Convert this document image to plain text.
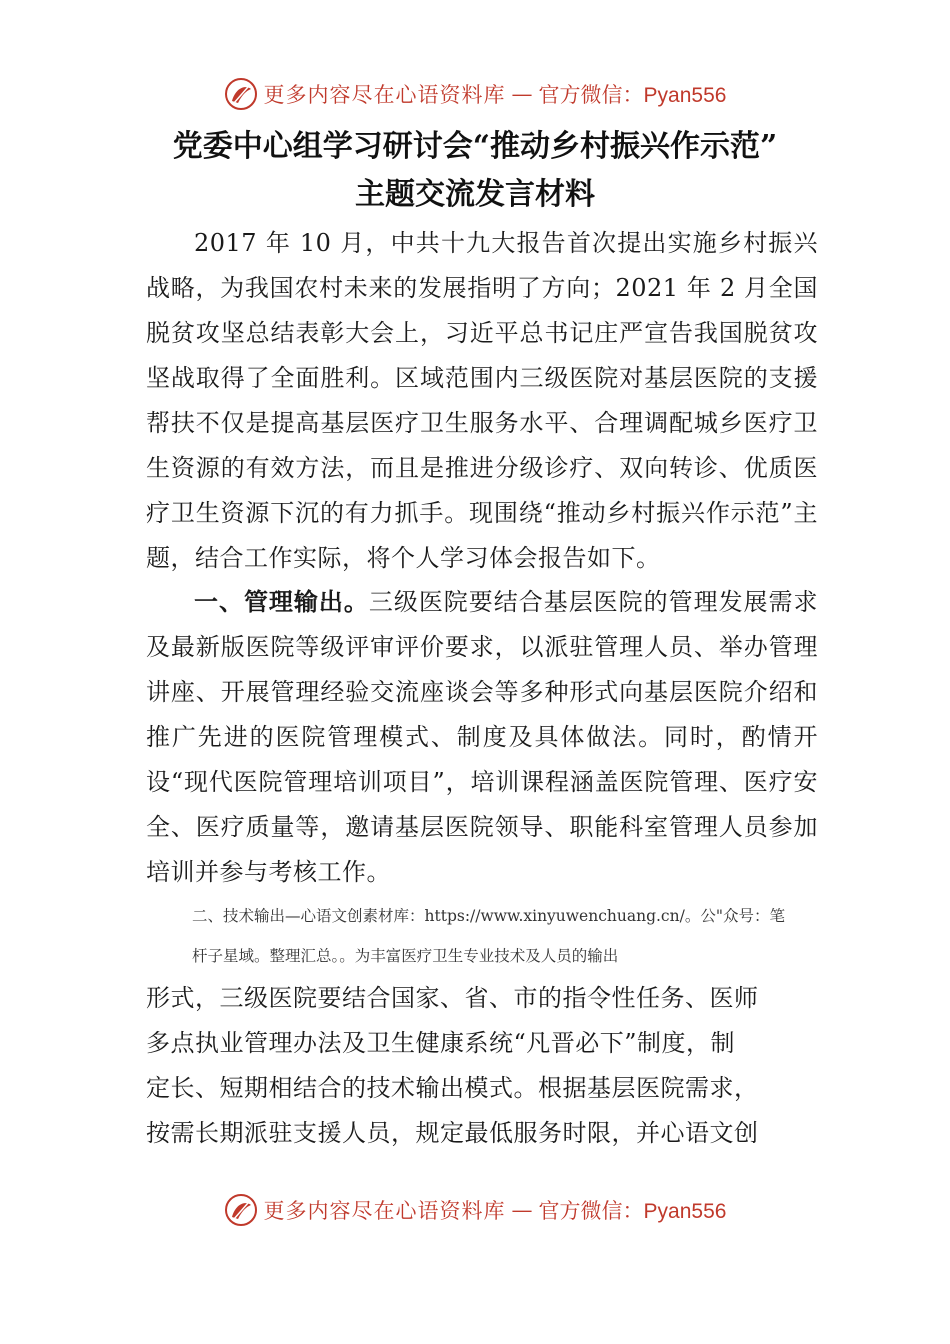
更多内容尽在心语资料库 — 官方微信：Pyan556
党委中心组学习研讨会“推动乡村振兴作示范”
主题交流发言材料

2017 年 10 月，中共十九大报告首次提出实施乡村振兴战略，为我国农村未来的发展指明了方向；2021 年 2 月全国脱贫攻坚总结表彰大会上，习近平总书记庄严宣告我国脱贫攻坚战取得了全面胜利。区域范围内三级医院对基层医院的支援帮扶不仅是提高基层医疗卫生服务水平、合理调配城乡医疗卫生资源的有效方法，而且是推进分级诊疗、双向转诊、优质医疗卫生资源下沉的有力抓手。现围绕“推动乡村振兴作示范”主题，结合工作实际，将个人学习体会报告如下。

一、管理输出。三级医院要结合基层医院的管理发展需求及最新版医院等级评审评价要求，以派驻管理人员、举办管理讲座、开展管理经验交流座谈会等多种形式向基层医院介绍和推广先进的医院管理模式、制度及具体做法。同时，酌情开设“现代医院管理培训项目”，培训课程涵盖医院管理、医疗安全、医疗质量等，邀请基层医院领导、职能科室管理人员参加培训并参与考核工作。

二、技术输出—心语文创素材库：https://www.xinyuwenchuang.cn/。公"众号：笔
杆子星域。整理汇总。。为丰富医疗卫生专业技术及人员的输出
形式，三级医院要结合国家、省、市的指令性任务、医师
多点执业管理办法及卫生健康系统“凡晋必下”制度，制
定长、短期相结合的技术输出模式。根据基层医院需求，
按需长期派驻支援人员，规定最低服务时限，并心语文创
更多内容尽在心语资料库 — 官方微信：Pyan556
